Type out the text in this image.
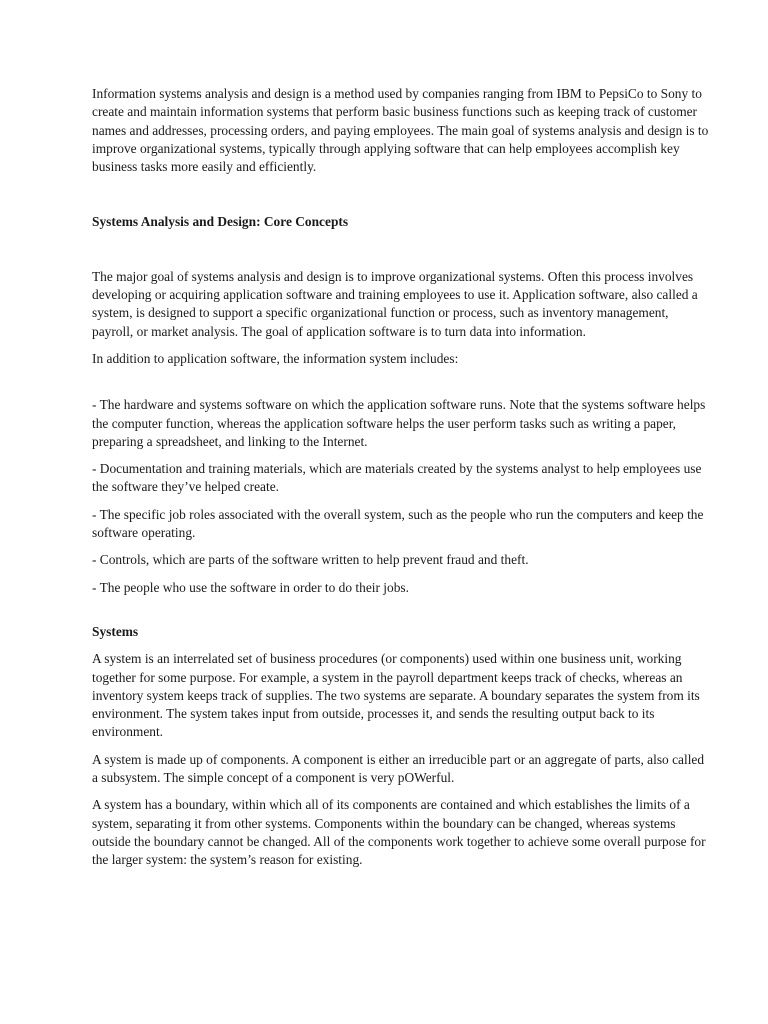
Information systems analysis and design is a method used by companies ranging from IBM to PepsiCo to Sony to create and maintain information systems that perform basic business functions such as keeping track of customer names and addresses, processing orders, and paying employees. The main goal of systems analysis and design is to improve organizational systems, typically through applying software that can help employees accomplish key business tasks more easily and efficiently.

Systems Analysis and Design: Core Concepts

The major goal of systems analysis and design is to improve organizational systems. Often this process involves developing or acquiring application software and training employees to use it. Application software, also called a system, is designed to support a specific organizational function or process, such as inventory management, payroll, or market analysis. The goal of application software is to turn data into information.

In addition to application software, the information system includes:

- The hardware and systems software on which the application software runs. Note that the systems software helps the computer function, whereas the application software helps the user perform tasks such as writing a paper, preparing a spreadsheet, and linking to the Internet.

- Documentation and training materials, which are materials created by the systems analyst to help employees use the software they’ve helped create.

- The specific job roles associated with the overall system, such as the people who run the computers and keep the software operating.

- Controls, which are parts of the software written to help prevent fraud and theft.

- The people who use the software in order to do their jobs.

Systems

A system is an interrelated set of business procedures (or components) used within one business unit, working together for some purpose. For example, a system in the payroll department keeps track of checks, whereas an inventory system keeps track of supplies. The two systems are separate. A boundary separates the system from its environment. The system takes input from outside, processes it, and sends the resulting output back to its environment.

A system is made up of components. A component is either an irreducible part or an aggregate of parts, also called a subsystem. The simple concept of a component is very pOWerful.

A system has a boundary, within which all of its components are contained and which establishes the limits of a system, separating it from other systems. Components within the boundary can be changed, whereas systems outside the boundary cannot be changed. All of the components work together to achieve some overall purpose for the larger system: the system’s reason for existing.
